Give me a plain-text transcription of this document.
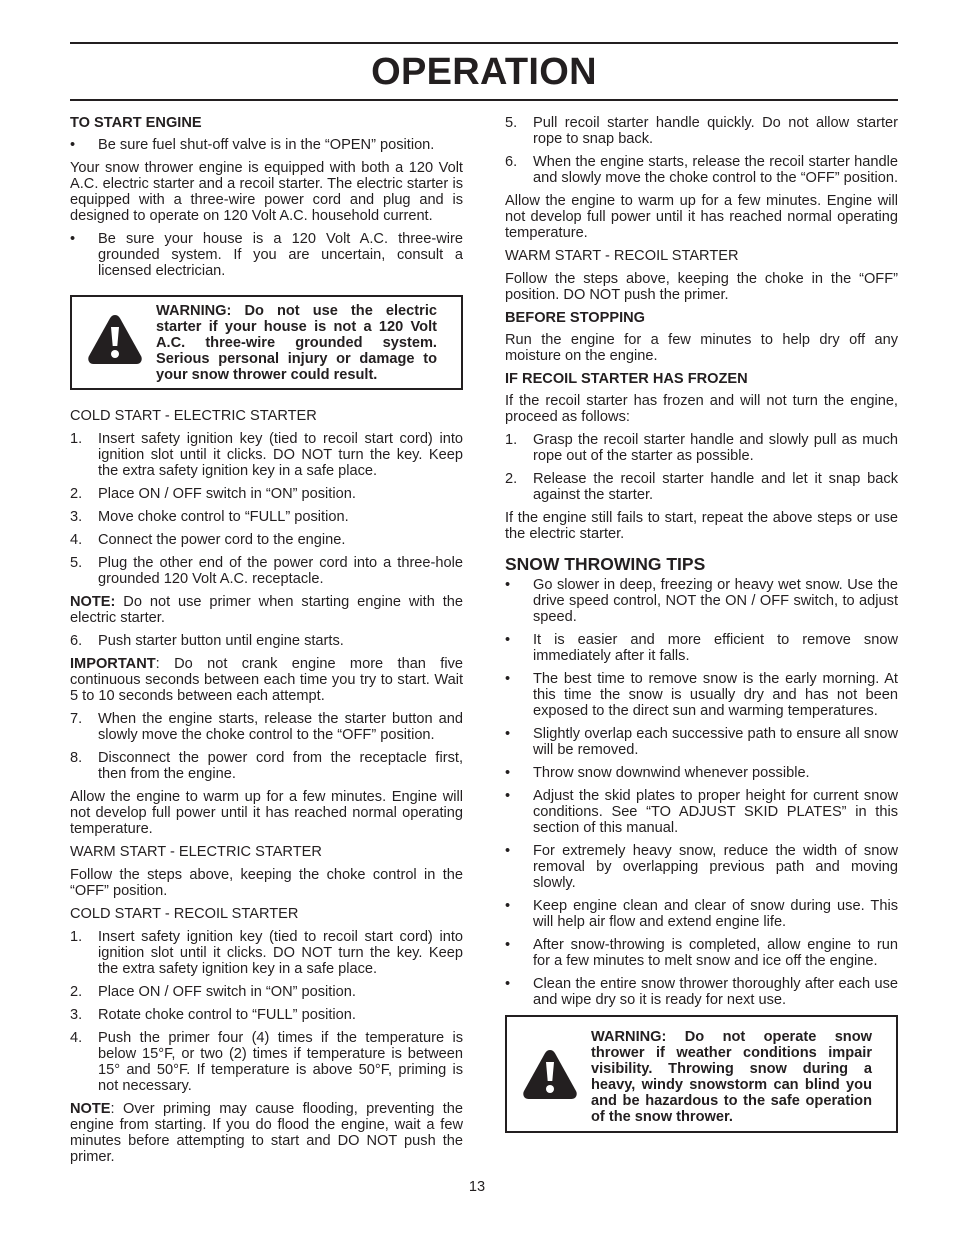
OPERATION
TO START ENGINE
• Be sure fuel shut-off valve is in the “OPEN” position.
Your snow thrower engine is equipped with both a 120 Volt A.C. electric starter and a recoil starter. The electric starter is equipped with a three-wire power cord and plug and is designed to operate on 120 Volt A.C. household current.
• Be sure your house is a 120 Volt A.C. three-wire grounded system. If you are uncertain, consult a licensed electrician.
WARNING: Do not use the electric starter if your house is not a 120 Volt A.C. three-wire grounded system. Serious personal injury or damage to your snow thrower could result.
COLD START - ELECTRIC STARTER
1. Insert safety ignition key (tied to recoil start cord) into ignition slot until it clicks. DO NOT turn the key. Keep the extra safety ignition key in a safe place.
2. Place ON / OFF switch in “ON” position.
3. Move choke control to “FULL” position.
4. Connect the power cord to the engine.
5. Plug the other end of the power cord into a three-hole grounded 120 Volt A.C. receptacle.
NOTE: Do not use primer when starting engine with the electric starter.
6. Push starter button until engine starts.
IMPORTANT: Do not crank engine more than five continuous seconds between each time you try to start. Wait 5 to 10 seconds between each attempt.
7. When the engine starts, release the starter button and slowly move the choke control to the “OFF” position.
8. Disconnect the power cord from the receptacle first, then from the engine.
Allow the engine to warm up for a few minutes. Engine will not develop full power until it has reached normal operating temperature.
WARM START - ELECTRIC STARTER
Follow the steps above, keeping the choke control in the “OFF” position.
COLD START - RECOIL STARTER
1. Insert safety ignition key (tied to recoil start cord) into ignition slot until it clicks. DO NOT turn the key. Keep the extra safety ignition key in a safe place.
2. Place ON / OFF switch in “ON” position.
3. Rotate choke control to “FULL” position.
4. Push the primer four (4) times if the temperature is below 15°F, or two (2) times if temperature is between 15° and 50°F. If temperature is above 50°F, priming is not necessary.
NOTE: Over priming may cause flooding, preventing the engine from starting. If you do flood the engine, wait a few minutes before attempting to start and DO NOT push the primer.
5. Pull recoil starter handle quickly. Do not allow starter rope to snap back.
6. When the engine starts, release the recoil starter handle and slowly move the choke control to the “OFF” position.
Allow the engine to warm up for a few minutes. Engine will not develop full power until it has reached normal operating temperature.
WARM START - RECOIL STARTER
Follow the steps above, keeping the choke in the “OFF” position. DO NOT push the primer.
BEFORE STOPPING
Run the engine for a few minutes to help dry off any moisture on the engine.
IF RECOIL STARTER HAS FROZEN
If the recoil starter has frozen and will not turn the engine, proceed as follows:
1. Grasp the recoil starter handle and slowly pull as much rope out of the starter as possible.
2. Release the recoil starter handle and let it snap back against the starter.
If the engine still fails to start, repeat the above steps or use the electric starter.
SNOW THROWING TIPS
• Go slower in deep, freezing or heavy wet snow. Use the drive speed control, NOT the ON / OFF switch, to adjust speed.
• It is easier and more efficient to remove snow immediately after it falls.
• The best time to remove snow is the early morning. At this time the snow is usually dry and has not been exposed to the direct sun and warming temperatures.
• Slightly overlap each successive path to ensure all snow will be removed.
• Throw snow downwind whenever possible.
• Adjust the skid plates to proper height for current snow conditions. See “TO ADJUST SKID PLATES” in this section of this manual.
• For extremely heavy snow, reduce the width of snow removal by overlapping previous path and moving slowly.
• Keep engine clean and clear of snow during use. This will help air flow and extend engine life.
• After snow-throwing is completed, allow engine to run for a few minutes to melt snow and ice off the engine.
• Clean the entire snow thrower thoroughly after each use and wipe dry so it is ready for next use.
WARNING: Do not operate snow thrower if weather conditions impair visibility. Throwing snow during a heavy, windy snowstorm can blind you and be hazardous to the safe operation of the snow thrower.
13
